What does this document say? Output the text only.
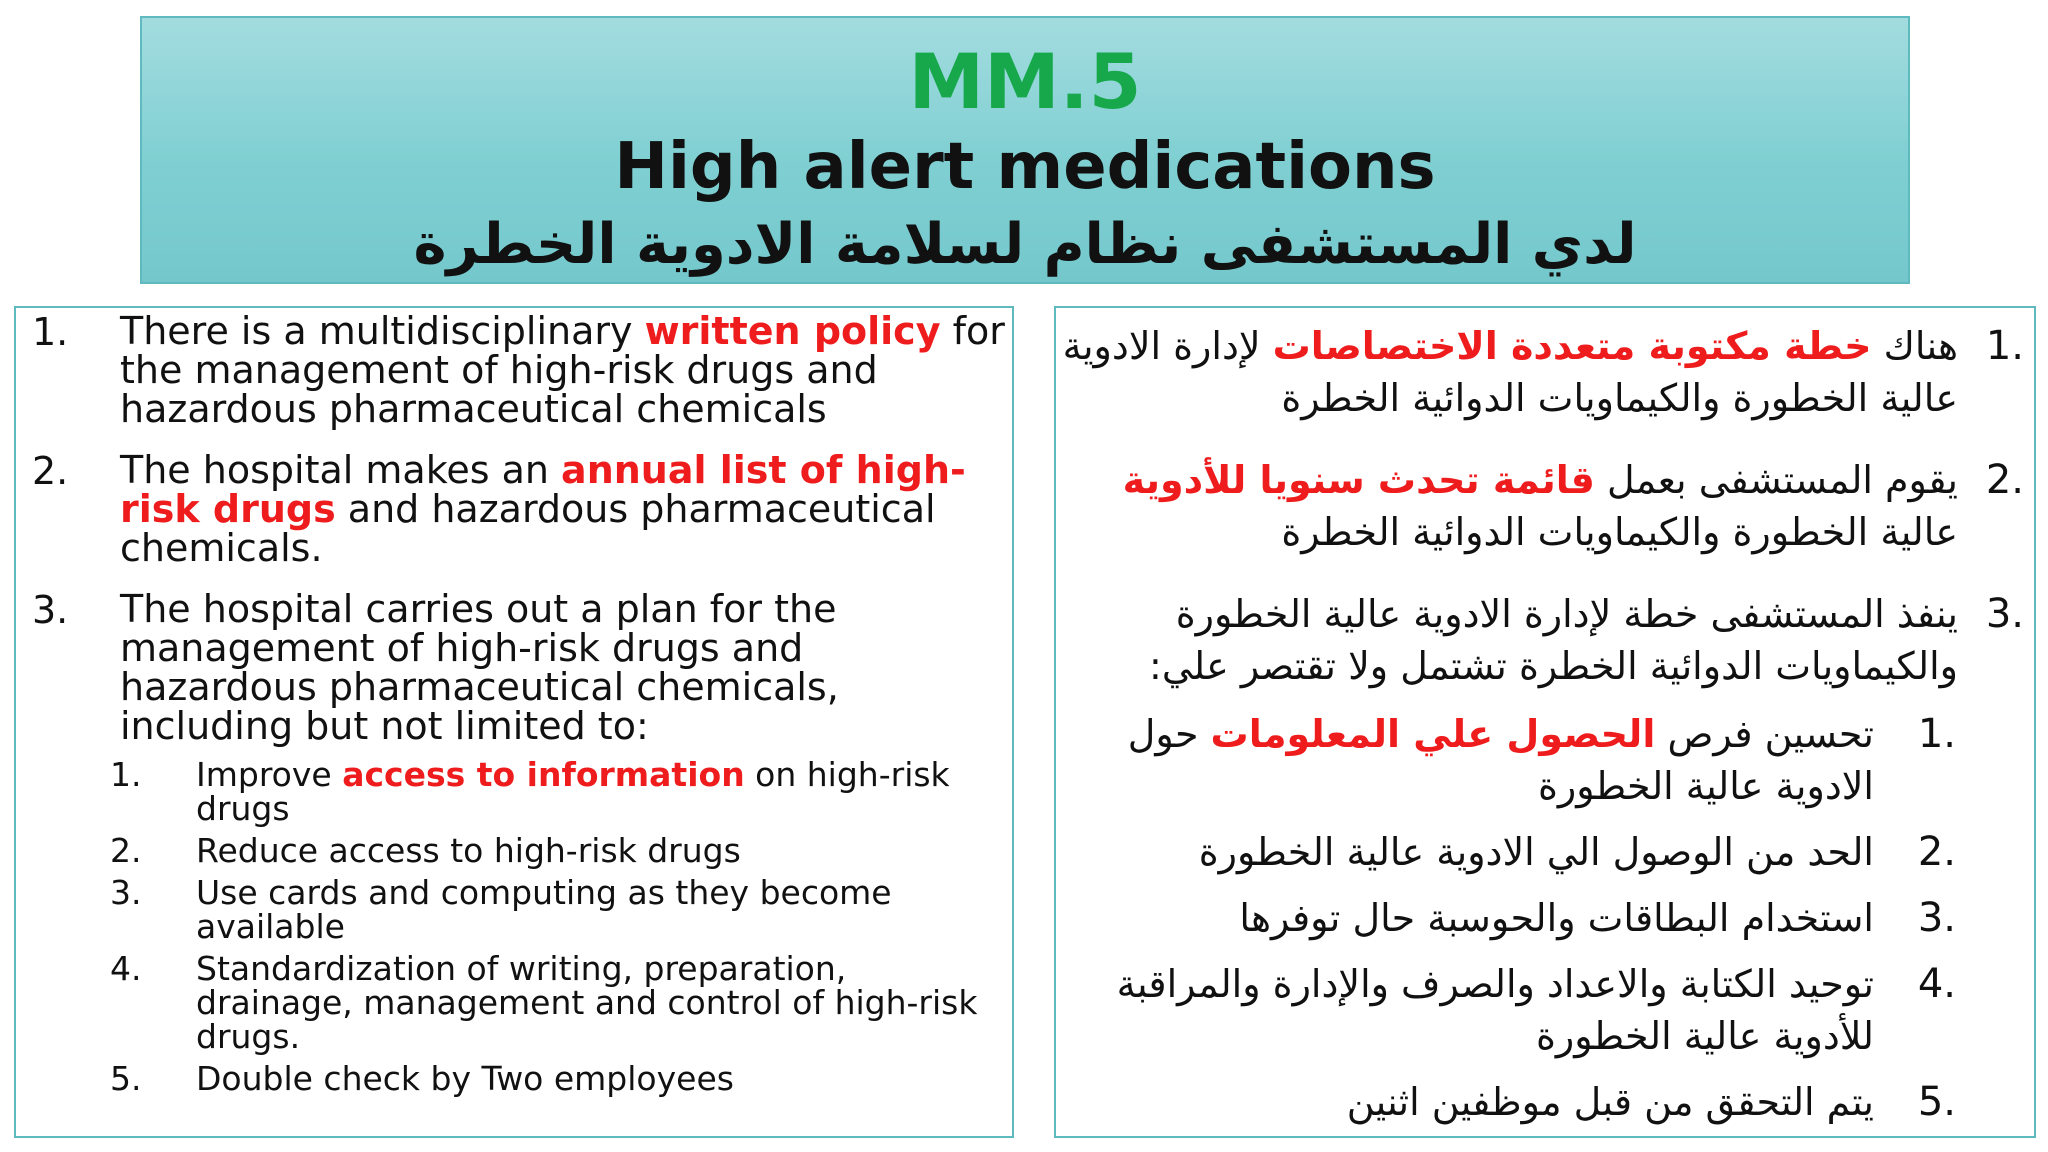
MM.5
High alert medications
لدي المستشفى نظام لسلامة الادوية الخطرة
1. There is a multidisciplinary written policy for the management of high-risk drugs and hazardous pharmaceutical chemicals
2. The hospital makes an annual list of high-risk drugs and hazardous pharmaceutical chemicals.
3. The hospital carries out a plan for the management of high-risk drugs and hazardous pharmaceutical chemicals, including but not limited to:
1. Improve access to information on high-risk drugs
2. Reduce access to high-risk drugs
3. Use cards and computing as they become available
4. Standardization of writing, preparation, drainage, management and control of high-risk drugs.
5. Double check by Two employees
1.
هناك خطة مكتوبة متعددة الاختصاصات لإدارة الادوية عالية الخطورة والكيماويات الدوائية الخطرة
2.
يقوم المستشفى بعمل قائمة تحدث سنويا للأدوية عالية الخطورة والكيماويات الدوائية الخطرة
3.
ينفذ المستشفى خطة لإدارة الادوية عالية الخطورة والكيماويات الدوائية الخطرة تشتمل ولا تقتصر علي:
1.
تحسين فرص الحصول علي المعلومات حول الادوية عالية الخطورة
2.
الحد من الوصول الي الادوية عالية الخطورة
3.
استخدام البطاقات والحوسبة حال توفرها
4.
توحيد الكتابة والاعداد والصرف والإدارة والمراقبة للأدوية عالية الخطورة
5.
يتم التحقق من قبل موظفين اثنين
